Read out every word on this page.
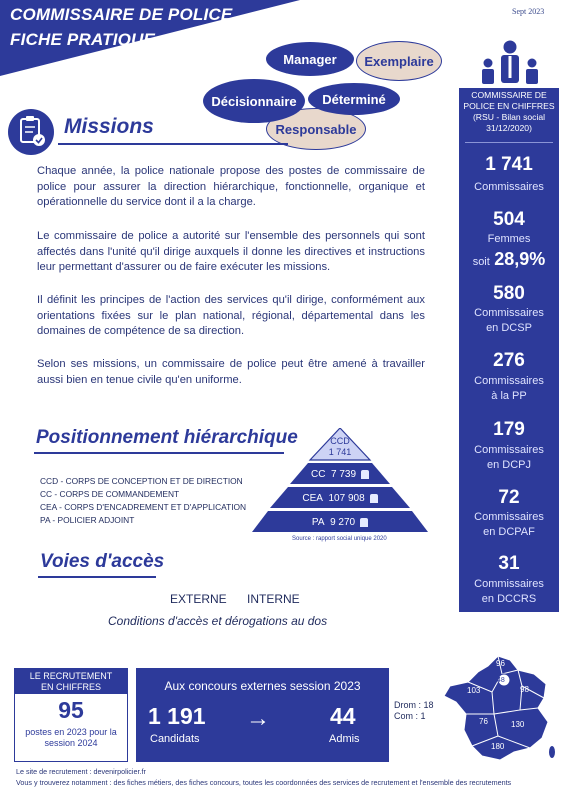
COMMISSAIRE DE POLICE
FICHE PRATIQUE
Sept 2023
Manager	Exemplaire
Responsable
Décisionnaire	Déterminé
Missions
Chaque année, la police nationale propose des postes de commissaire de police pour assurer la direction hiérarchique, fonctionnelle, organique et opérationnelle du service dont il a la charge.
Le commissaire de police a autorité sur l'ensemble des personnels qui sont affectés dans l'unité qu'il dirige auxquels il donne les directives et instructions leur permettant d'assurer ou de faire exécuter les missions.
Il définit les principes de l'action des services qu'il dirige, conformément aux orientations fixées sur le plan national, régional, départemental dans les domaines de compétence de sa direction.
Selon ses missions, un commissaire de police peut être amené à travailler aussi bien en tenue civile qu'en uniforme.
COMMISSAIRE DE
POLICE EN CHIFFRES
(RSU - Bilan social
31/12/2020)
1 741
Commissaires
504
Femmes
soit 28,9%
580
Commissaires
en DCSP
276
Commissaires
à la PP
179
Commissaires
en DCPJ
72
Commissaires
en DCPAF
31
Commissaires
en DCCRS
Positionnement hiérarchique	CCD
1 741
CC
7 739
CEA
107 908
PA
9 270
Source : rapport social unique 2020
CCD - CORPS DE CONCEPTION ET DE DIRECTION
CC - CORPS DE COMMANDEMENT
CEA - CORPS D'ENCADREMENT ET D'APPLICATION
PA - POLICIER ADJOINT
Voies d'accès
EXTERNE INTERNE
Conditions d'accès et dérogations au dos
LE RECRUTEMENT
EN CHIFFRES
95
postes en 2023 pour la
session 2024
Aux concours externes session 2023
1 191
Candidats
→	44
Admis
Drom : 18
Com : 1
96
48
103	98
76	130
180
Le site de recrutement : devenirpolicier.fr
Vous y trouverez notamment : des fiches métiers, des fiches concours, toutes les coordonnées des services de recrutement et l'ensemble des recrutements
